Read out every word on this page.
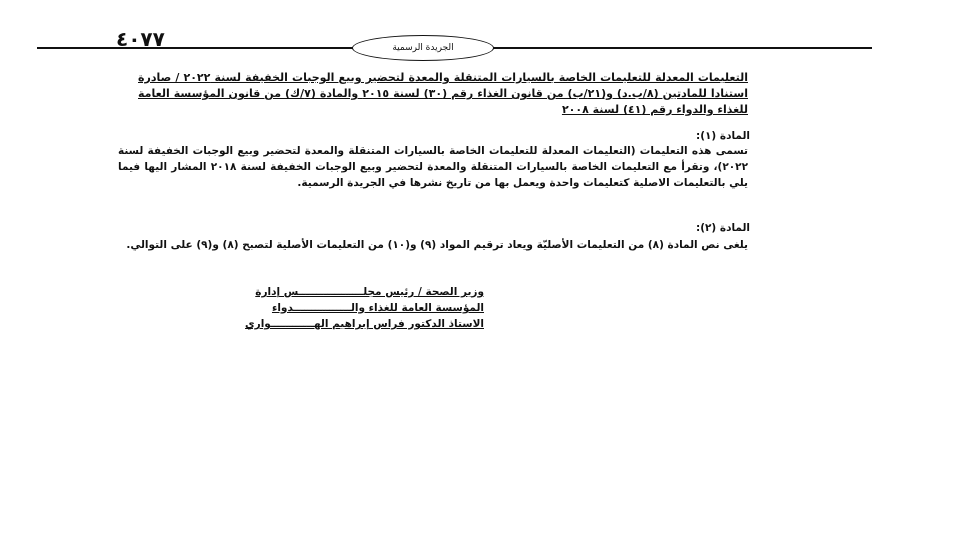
٤٠٧٧	الجريدة الرسمية
التعليمات المعدلة للتعليمات الخاصة بالسيارات المتنقلة والمعدة لتحضير وبيع الوجبات الخفيفة لسنة ٢٠٢٢ / صادرة استنادا للمادتين (٨/ب.د) و(٢١/ب) من قانون الغذاء رقم (٣٠) لسنة ٢٠١٥ والمادة (٧/ك) من قانون المؤسسة العامة للغذاء والدواء رقم (٤١) لسنة ٢٠٠٨
المادة (١):
تسمى هذه التعليمات (التعليمات المعدلة للتعليمات الخاصة بالسيارات المتنقلة والمعدة لتحضير وبيع الوجبات الخفيفة لسنة ٢٠٢٢)، وتقرأ مع التعليمات الخاصة بالسيارات المتنقلة والمعدة لتحضير وبيع الوجبات الخفيفة لسنة ٢٠١٨ المشار اليها فيما يلي بالتعليمات الاصلية كتعليمات واحدة ويعمل بها من تاريخ نشرها في الجريدة الرسمية.
المادة (٢):
يلغى نص المادة (٨) من التعليمات الأصليّة ويعاد ترقيم المواد (٩) و(١٠) من التعليمات الأصلية لتصبح (٨) و(٩) على التوالي.
وزير الصحة / رئيس مجلــــــــــــــــــس إدارة
المؤسسة العامة للغذاء والــــــــــــــــدواء
الاستاذ الدكتور فراس إبراهيم الهــــــــــــواري
